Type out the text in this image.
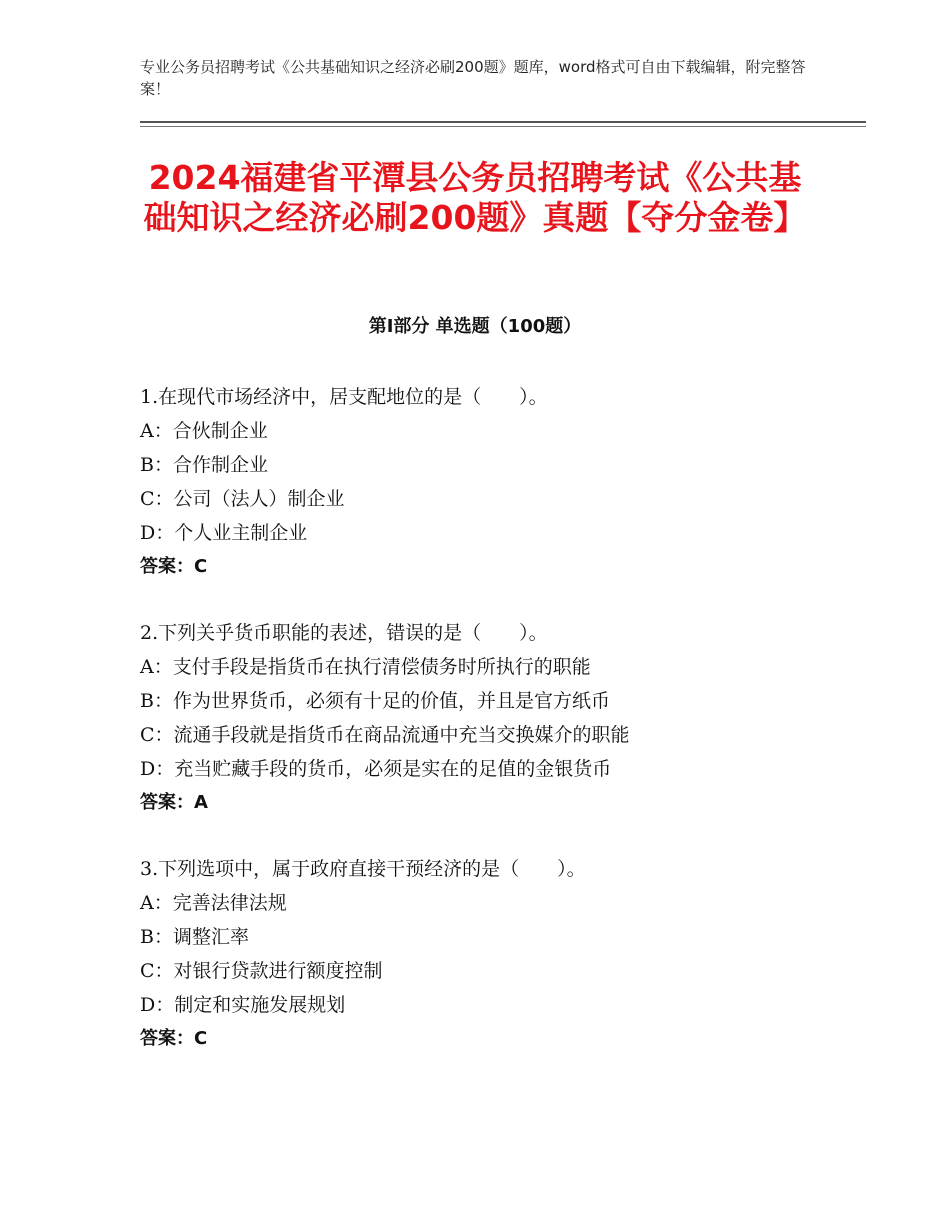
专业公务员招聘考试《公共基础知识之经济必刷200题》题库，word格式可自由下载编辑，附完整答案！
2024福建省平潭县公务员招聘考试《公共基础知识之经济必刷200题》真题【夺分金卷】
第Ⅰ部分 单选题（100题）
1.在现代市场经济中，居支配地位的是（　　）。
A：合伙制企业
B：合作制企业
C：公司（法人）制企业
D：个人业主制企业
答案：C
2.下列关乎货币职能的表述，错误的是（　　）。
A：支付手段是指货币在执行清偿债务时所执行的职能
B：作为世界货币，必须有十足的价值，并且是官方纸币
C：流通手段就是指货币在商品流通中充当交换媒介的职能
D：充当贮藏手段的货币，必须是实在的足值的金银货币
答案：A
3.下列选项中，属于政府直接干预经济的是（　　）。
A：完善法律法规
B：调整汇率
C：对银行贷款进行额度控制
D：制定和实施发展规划
答案：C
